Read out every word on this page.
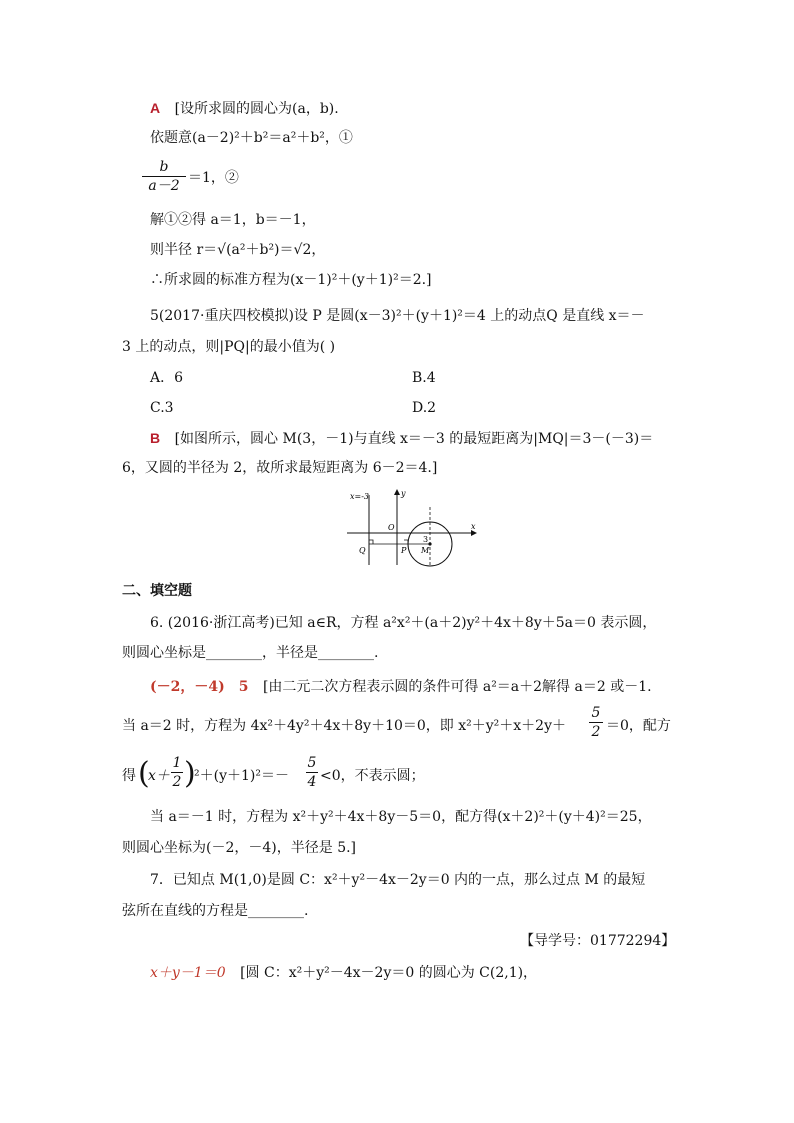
A [设所求圆的圆心为(a，b).
依题意(a－2)²＋b²＝a²＋b²，①
b
a－2 ＝1，②
解①②得 a＝1，b＝－1，
则半径 r＝√(a²＋b²)＝√2，
∴所求圆的标准方程为(x－1)²＋(y＋1)²＝2.]
5(2017·重庆四校模拟)设 P 是圆(x－3)²＋(y＋1)²＝4 上的动点Q 是直线 x＝－
3 上的动点，则|PQ|的最小值为( )
A．6	B.4
C.3	D.2
B [如图所示，圆心 M(3，－1)与直线 x＝－3 的最短距离为|MQ|＝3－(－3)＝
6，又圆的半径为 2，故所求最短距离为 6－2＝4.]
x=-3	y
x
O
3
Q	P M
二、填空题
6. (2016·浙江高考)已知 a∈R，方程 a²x²＋(a＋2)y²＋4x＋8y＋5a＝0 表示圆，
则圆心坐标是________，半径是________.
(－2，－4)　5 [由二元二次方程表示圆的条件可得 a²＝a＋2解得 a＝2 或－1.
当 a＝2 时，方程为 4x²＋4y²＋4x＋8y＋10＝0，即 x²＋y²＋x＋2y＋
5
2 ＝0，配方
得 (
x＋
1
2 )
²＋(y＋1)²＝－
5
4 <0，不表示圆；
当 a＝－1 时，方程为 x²＋y²＋4x＋8y－5＝0，配方得(x＋2)²＋(y＋4)²＝25，
则圆心坐标为(－2，－4)，半径是 5.]
7．已知点 M(1,0)是圆 C：x²＋y²－4x－2y＝0 内的一点，那么过点 M 的最短
弦所在直线的方程是________.
【导学号：01772294】
x＋y－1＝0 [圆 C：x²＋y²－4x－2y＝0 的圆心为 C(2,1)，
